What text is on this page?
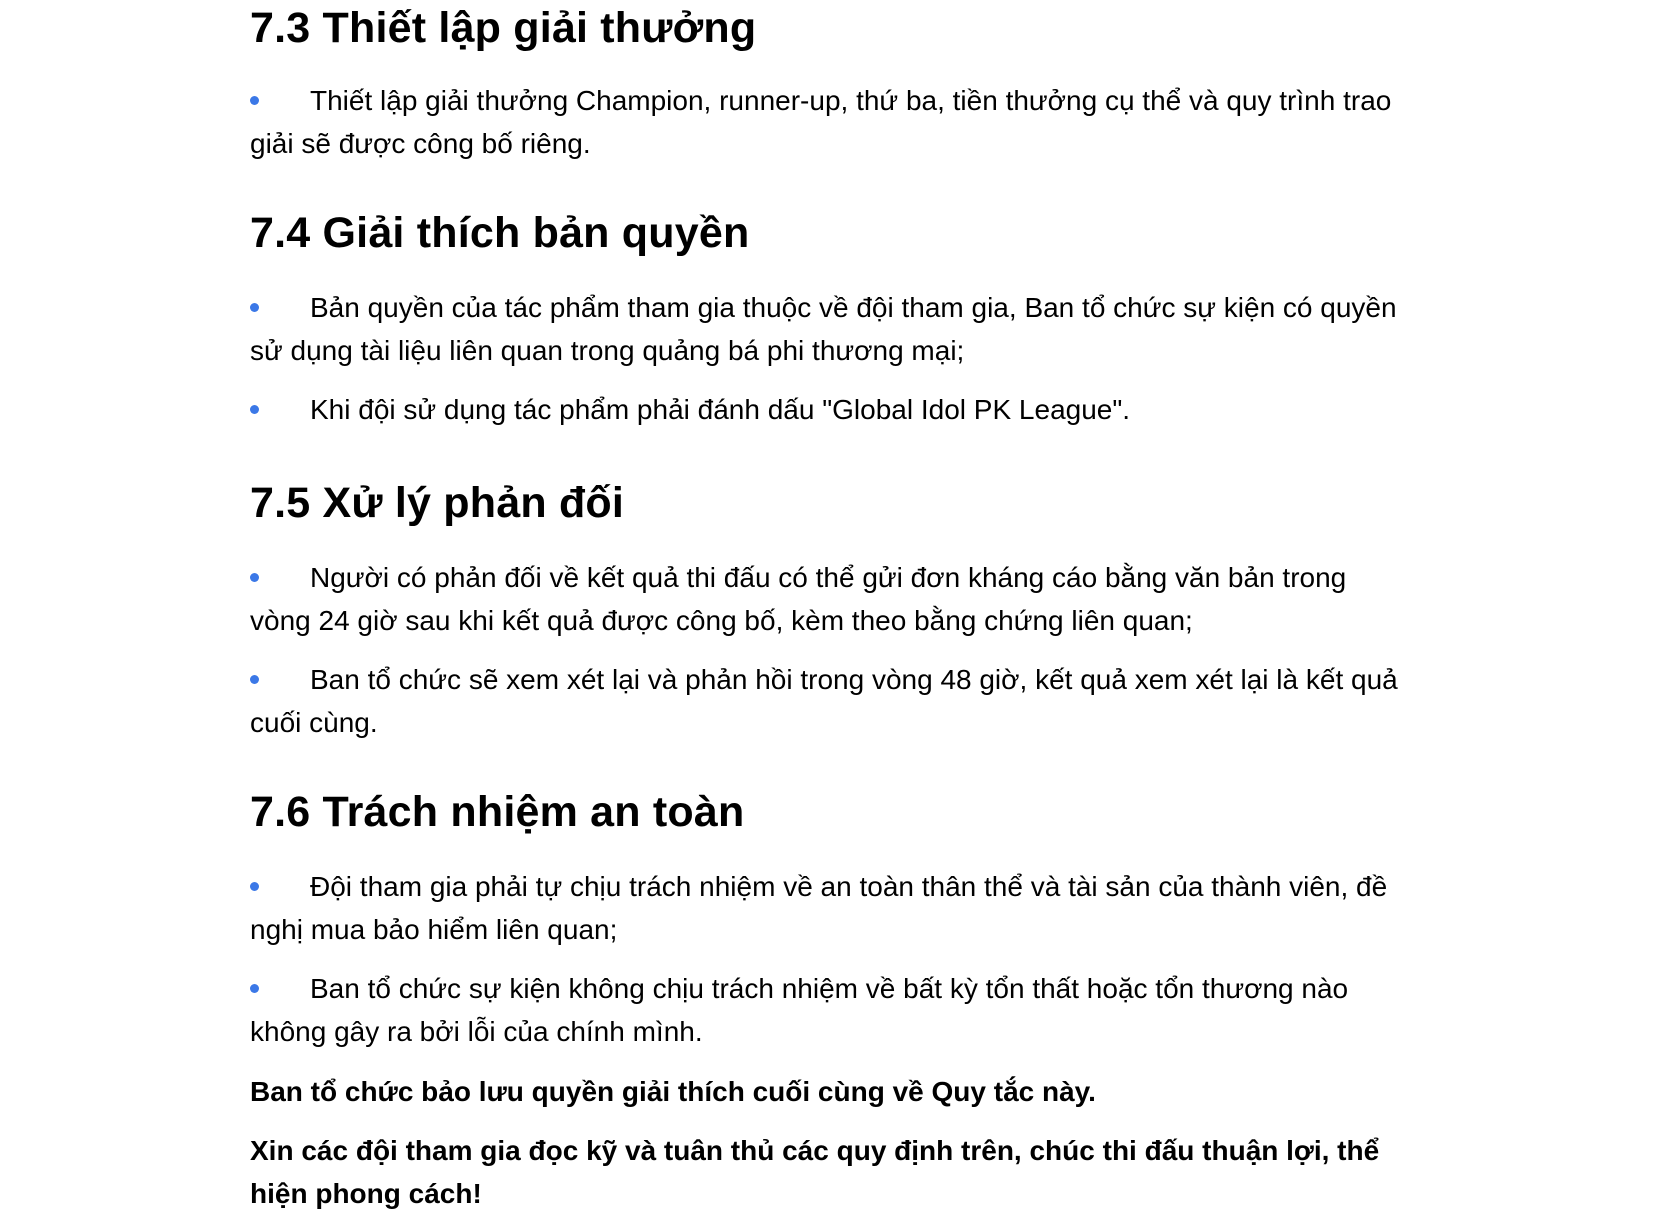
7.3 Thiết lập giải thưởng

Thiết lập giải thưởng Champion, runner-up, thứ ba, tiền thưởng cụ thể và quy trình trao giải sẽ được công bố riêng.

7.4 Giải thích bản quyền

Bản quyền của tác phẩm tham gia thuộc về đội tham gia, Ban tổ chức sự kiện có quyền sử dụng tài liệu liên quan trong quảng bá phi thương mại;

Khi đội sử dụng tác phẩm phải đánh dấu "Global Idol PK League".

7.5 Xử lý phản đối

Người có phản đối về kết quả thi đấu có thể gửi đơn kháng cáo bằng văn bản trong vòng 24 giờ sau khi kết quả được công bố, kèm theo bằng chứng liên quan;

Ban tổ chức sẽ xem xét lại và phản hồi trong vòng 48 giờ, kết quả xem xét lại là kết quả cuối cùng.

7.6 Trách nhiệm an toàn

Đội tham gia phải tự chịu trách nhiệm về an toàn thân thể và tài sản của thành viên, đề nghị mua bảo hiểm liên quan;

Ban tổ chức sự kiện không chịu trách nhiệm về bất kỳ tổn thất hoặc tổn thương nào không gây ra bởi lỗi của chính mình.

Ban tổ chức bảo lưu quyền giải thích cuối cùng về Quy tắc này.

Xin các đội tham gia đọc kỹ và tuân thủ các quy định trên, chúc thi đấu thuận lợi, thể hiện phong cách!
